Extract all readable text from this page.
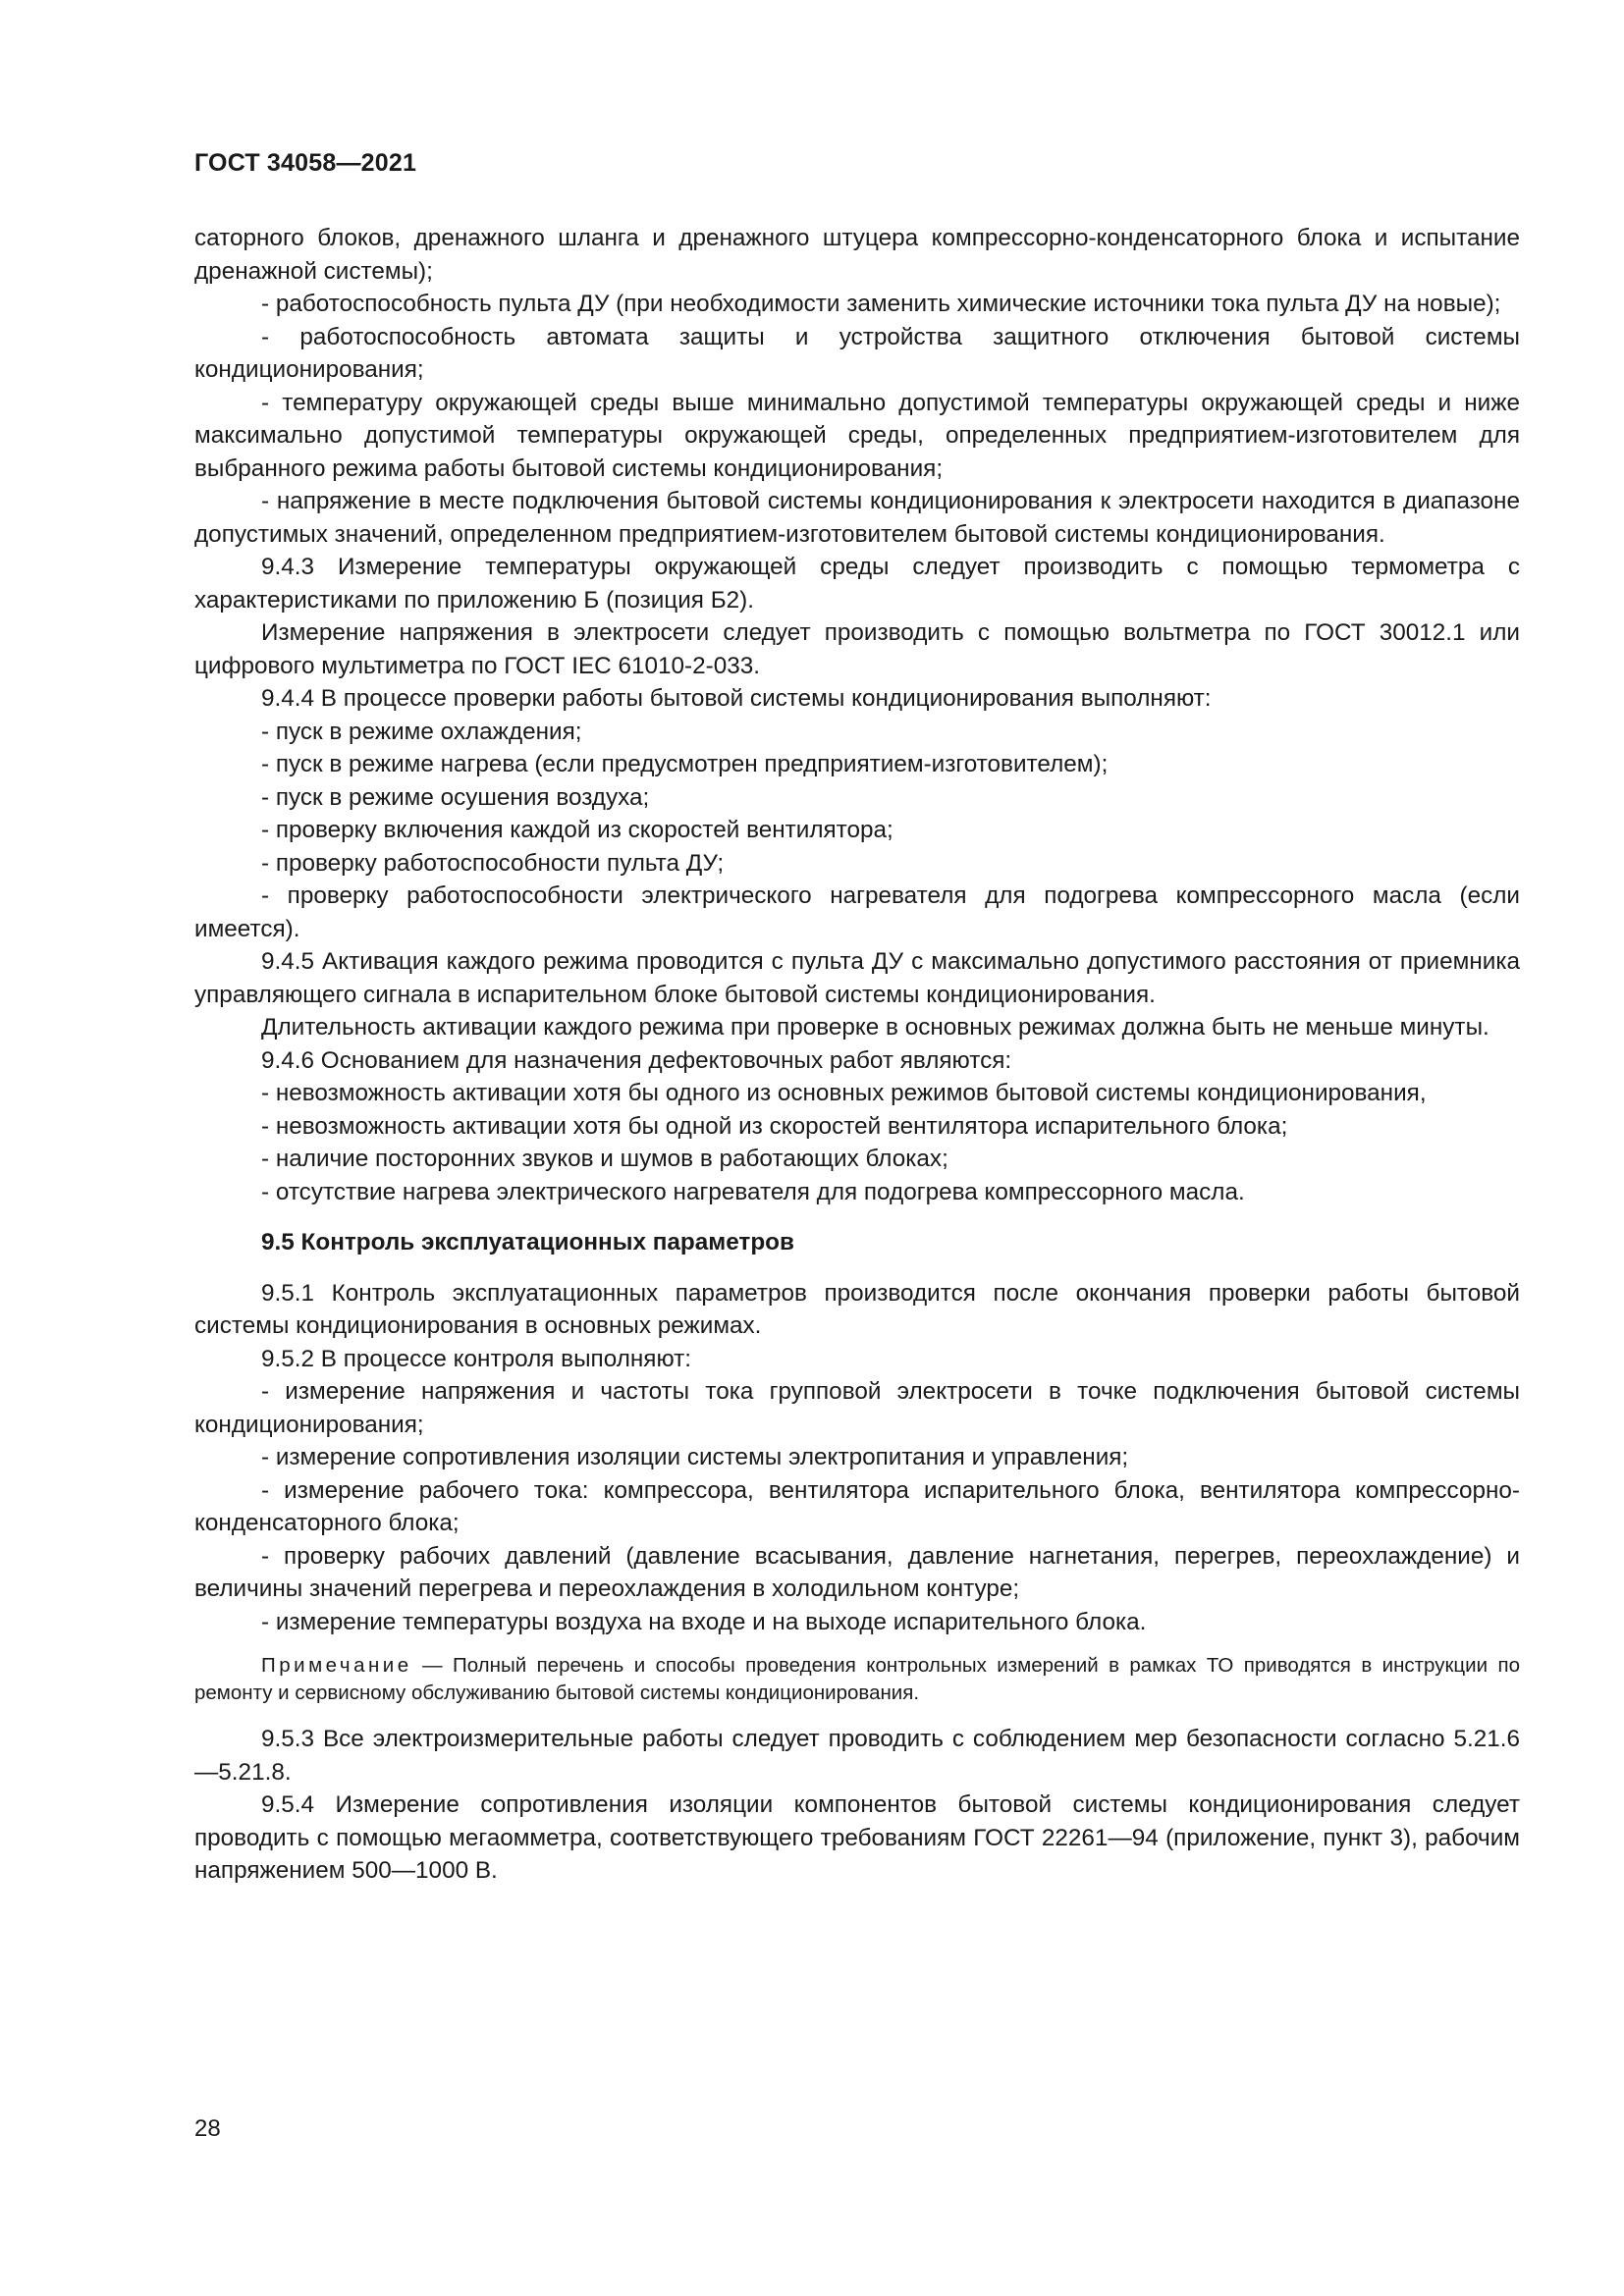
ГОСТ 34058—2021

саторного блоков, дренажного шланга и дренажного штуцера компрессорно-конденсаторного блока и испытание дренажной системы);

- работоспособность пульта ДУ (при необходимости заменить химические источники тока пульта ДУ на новые);

- работоспособность автомата защиты и устройства защитного отключения бытовой системы кондиционирования;

- температуру окружающей среды выше минимально допустимой температуры окружающей среды и ниже максимально допустимой температуры окружающей среды, определенных предприятием-изготовителем для выбранного режима работы бытовой системы кондиционирования;

- напряжение в месте подключения бытовой системы кондиционирования к электросети находится в диапазоне допустимых значений, определенном предприятием-изготовителем бытовой системы кондиционирования.

9.4.3 Измерение температуры окружающей среды следует производить с помощью термометра с характеристиками по приложению Б (позиция Б2).

Измерение напряжения в электросети следует производить с помощью вольтметра по ГОСТ 30012.1 или цифрового мультиметра по ГОСТ IEC 61010-2-033.

9.4.4 В процессе проверки работы бытовой системы кондиционирования выполняют:

- пуск в режиме охлаждения;

- пуск в режиме нагрева (если предусмотрен предприятием-изготовителем);

- пуск в режиме осушения воздуха;

- проверку включения каждой из скоростей вентилятора;

- проверку работоспособности пульта ДУ;

- проверку работоспособности электрического нагревателя для подогрева компрессорного масла (если имеется).

9.4.5 Активация каждого режима проводится с пульта ДУ с максимально допустимого расстояния от приемника управляющего сигнала в испарительном блоке бытовой системы кондиционирования.

Длительность активации каждого режима при проверке в основных режимах должна быть не меньше минуты.

9.4.6 Основанием для назначения дефектовочных работ являются:

- невозможность активации хотя бы одного из основных режимов бытовой системы кондиционирования,

- невозможность активации хотя бы одной из скоростей вентилятора испарительного блока;

- наличие посторонних звуков и шумов в работающих блоках;

- отсутствие нагрева электрического нагревателя для подогрева компрессорного масла.

9.5 Контроль эксплуатационных параметров

9.5.1 Контроль эксплуатационных параметров производится после окончания проверки работы бытовой системы кондиционирования в основных режимах.

9.5.2 В процессе контроля выполняют:

- измерение напряжения и частоты тока групповой электросети в точке подключения бытовой системы кондиционирования;

- измерение сопротивления изоляции системы электропитания и управления;

- измерение рабочего тока: компрессора, вентилятора испарительного блока, вентилятора компрессорно-конденсаторного блока;

- проверку рабочих давлений (давление всасывания, давление нагнетания, перегрев, переохлаждение) и величины значений перегрева и переохлаждения в холодильном контуре;

- измерение температуры воздуха на входе и на выходе испарительного блока.

Примечание — Полный перечень и способы проведения контрольных измерений в рамках ТО приводятся в инструкции по ремонту и сервисному обслуживанию бытовой системы кондиционирования.

9.5.3 Все электроизмерительные работы следует проводить с соблюдением мер безопасности согласно 5.21.6—5.21.8.

9.5.4 Измерение сопротивления изоляции компонентов бытовой системы кондиционирования следует проводить с помощью мегаомметра, соответствующего требованиям ГОСТ 22261—94 (приложение, пункт 3), рабочим напряжением 500—1000 В.

28
